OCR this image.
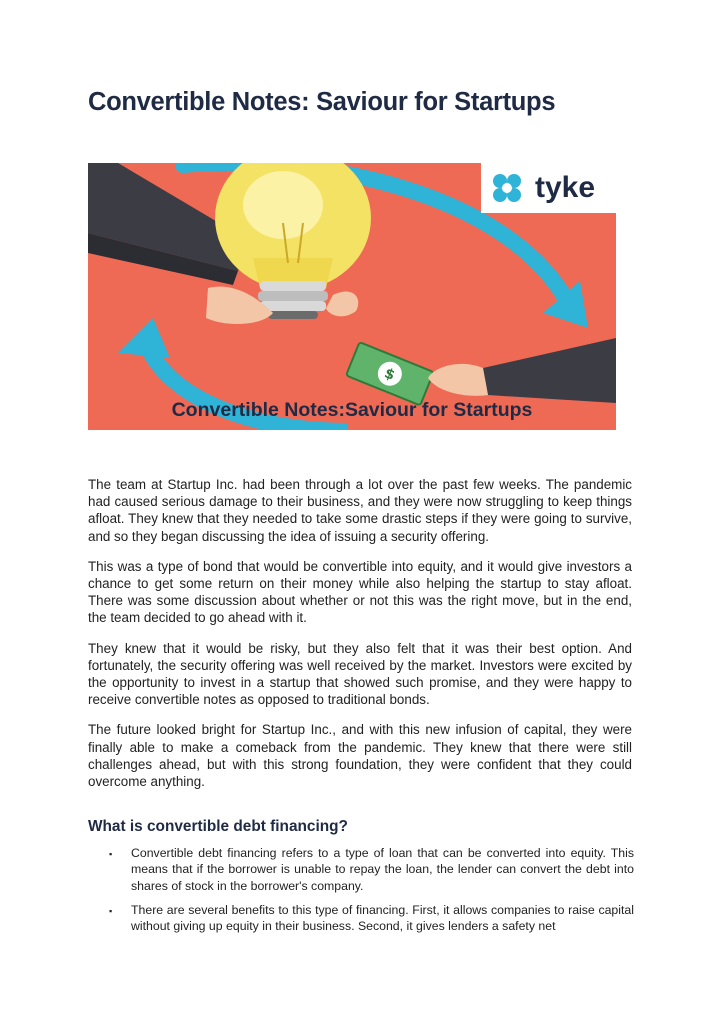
Convertible Notes: Saviour for Startups
$
tyke
Convertible Notes:Saviour for Startups

The team at Startup Inc. had been through a lot over the past few weeks. The pandemic had caused serious damage to their business, and they were now struggling to keep things afloat. They knew that they needed to take some drastic steps if they were going to survive, and so they began discussing the idea of issuing a security offering.

This was a type of bond that would be convertible into equity, and it would give investors a chance to get some return on their money while also helping the startup to stay afloat. There was some discussion about whether or not this was the right move, but in the end, the team decided to go ahead with it.

They knew that it would be risky, but they also felt that it was their best option. And fortunately, the security offering was well received by the market. Investors were excited by the opportunity to invest in a startup that showed such promise, and they were happy to receive convertible notes as opposed to traditional bonds.

The future looked bright for Startup Inc., and with this new infusion of capital, they were finally able to make a comeback from the pandemic. They knew that there were still challenges ahead, but with this strong foundation, they were confident that they could overcome anything.

What is convertible debt financing?
▪ Convertible debt financing refers to a type of loan that can be converted into equity. This means that if the borrower is unable to repay the loan, the lender can convert the debt into shares of stock in the borrower's company.
▪ There are several benefits to this type of financing. First, it allows companies to raise capital without giving up equity in their business. Second, it gives lenders a safety net
